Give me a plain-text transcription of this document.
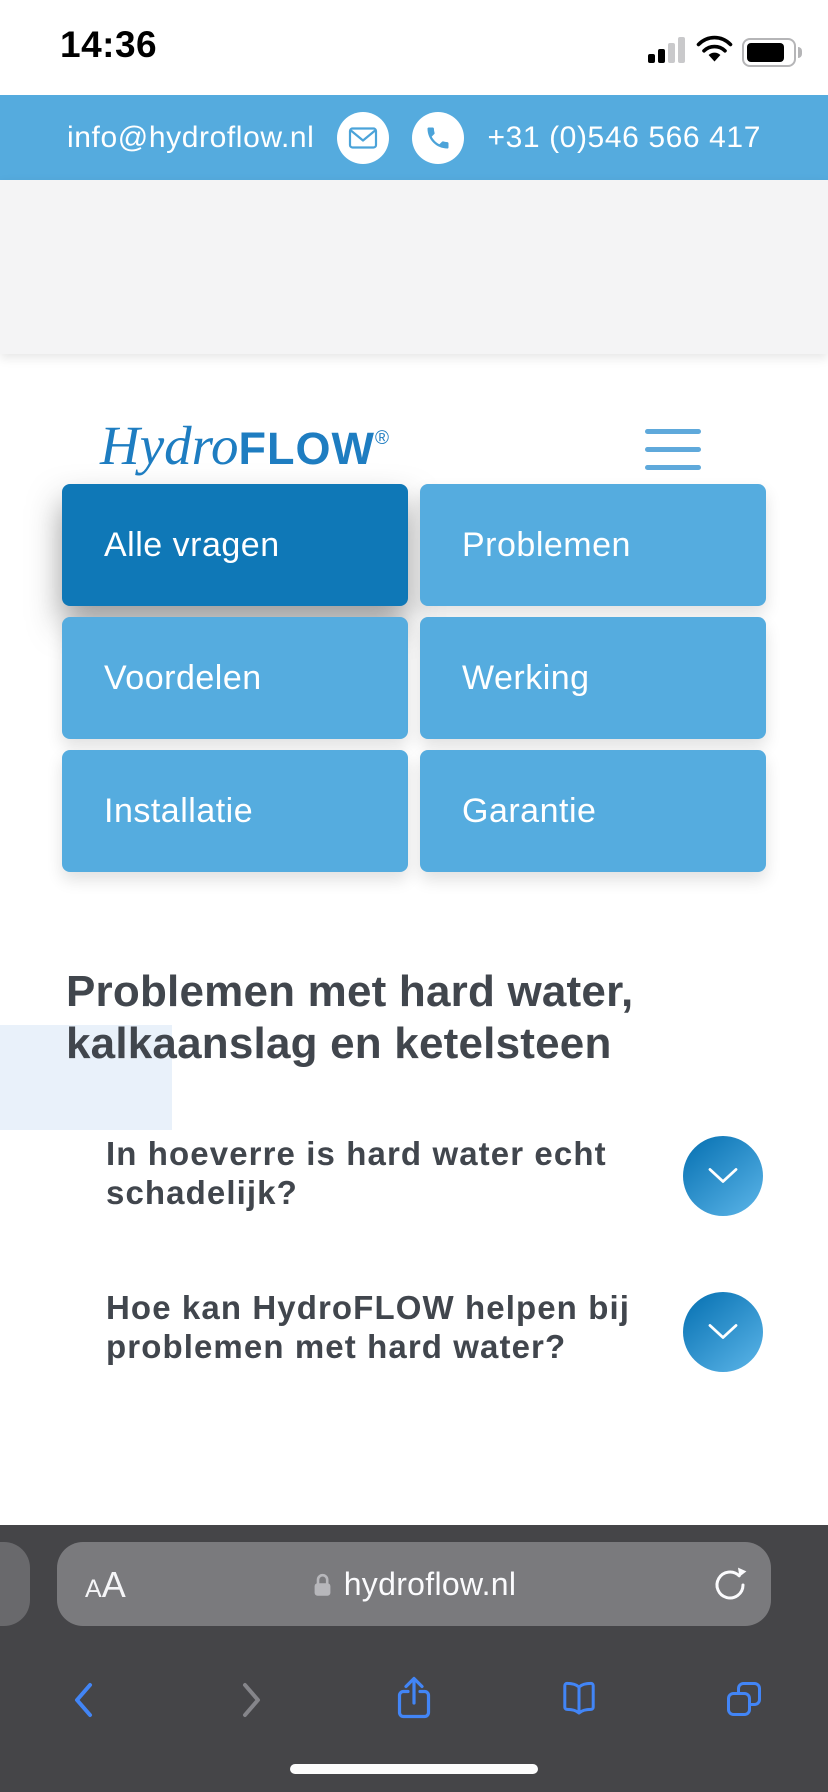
14:36
info@hydroflow.nl	+31 (0)546 566 417
Hydro FLOW ®
Alle vragen	Problemen
Voordelen	Werking
Installatie	Garantie
Problemen met hard water, kalkaanslag en ketelsteen
In hoeverre is hard water echt schadelijk?
Hoe kan HydroFLOW helpen bij problemen met hard water?
A A	hydroflow.nl
